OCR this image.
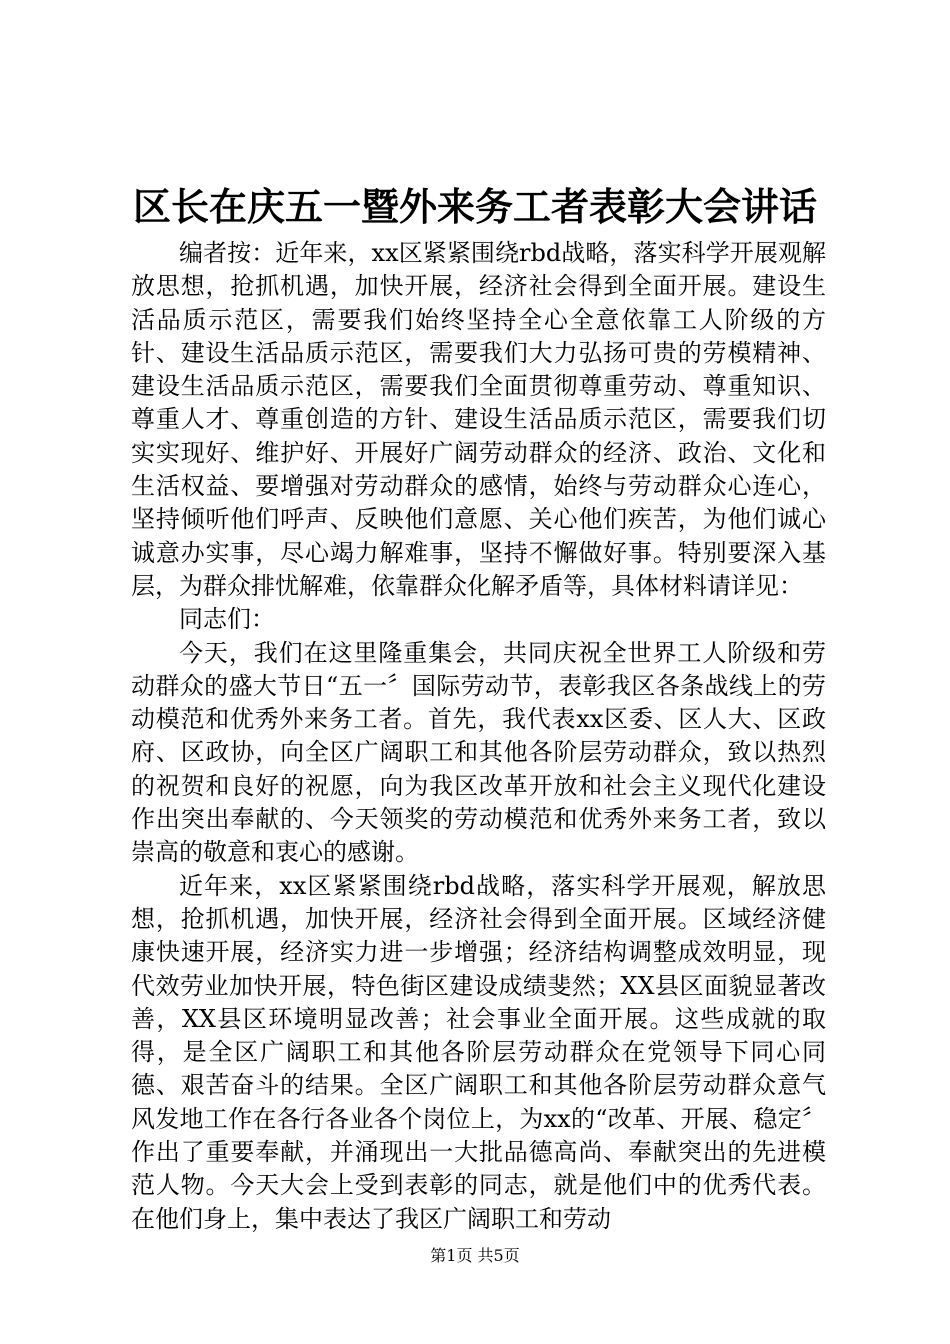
区长在庆五一暨外来务工者表彰大会讲话

编者按：近年来，xx区紧紧围绕rbd战略，落实科学开展观解放思想，抢抓机遇，加快开展，经济社会得到全面开展。建设生活品质示范区，需要我们始终坚持全心全意依靠工人阶级的方针、建设生活品质示范区，需要我们大力弘扬可贵的劳模精神、建设生活品质示范区，需要我们全面贯彻尊重劳动、尊重知识、尊重人才、尊重创造的方针、建设生活品质示范区，需要我们切实实现好、维护好、开展好广阔劳动群众的经济、政治、文化和生活权益、要增强对劳动群众的感情，始终与劳动群众心连心，坚持倾听他们呼声、反映他们意愿、关心他们疾苦，为他们诚心诚意办实事，尽心竭力解难事，坚持不懈做好事。特别要深入基层，为群众排忧解难，依靠群众化解矛盾等，具体材料请详见：

同志们：

今天，我们在这里隆重集会，共同庆祝全世界工人阶级和劳动群众的盛大节日“五一〞国际劳动节，表彰我区各条战线上的劳动模范和优秀外来务工者。首先，我代表xx区委、区人大、区政府、区政协，向全区广阔职工和其他各阶层劳动群众，致以热烈的祝贺和良好的祝愿，向为我区改革开放和社会主义现代化建设作出突出奉献的、今天领奖的劳动模范和优秀外来务工者，致以崇高的敬意和衷心的感谢。

近年来，xx区紧紧围绕rbd战略，落实科学开展观，解放思想，抢抓机遇，加快开展，经济社会得到全面开展。区域经济健康快速开展，经济实力进一步增强；经济结构调整成效明显，现代效劳业加快开展，特色街区建设成绩斐然；XX县区面貌显著改善，XX县区环境明显改善；社会事业全面开展。这些成就的取得，是全区广阔职工和其他各阶层劳动群众在党领导下同心同德、艰苦奋斗的结果。全区广阔职工和其他各阶层劳动群众意气风发地工作在各行各业各个岗位上，为xx的“改革、开展、稳定〞作出了重要奉献，并涌现出一大批品德高尚、奉献突出的先进模范人物。今天大会上受到表彰的同志，就是他们中的优秀代表。在他们身上，集中表达了我区广阔职工和劳动

第1页 共5页
